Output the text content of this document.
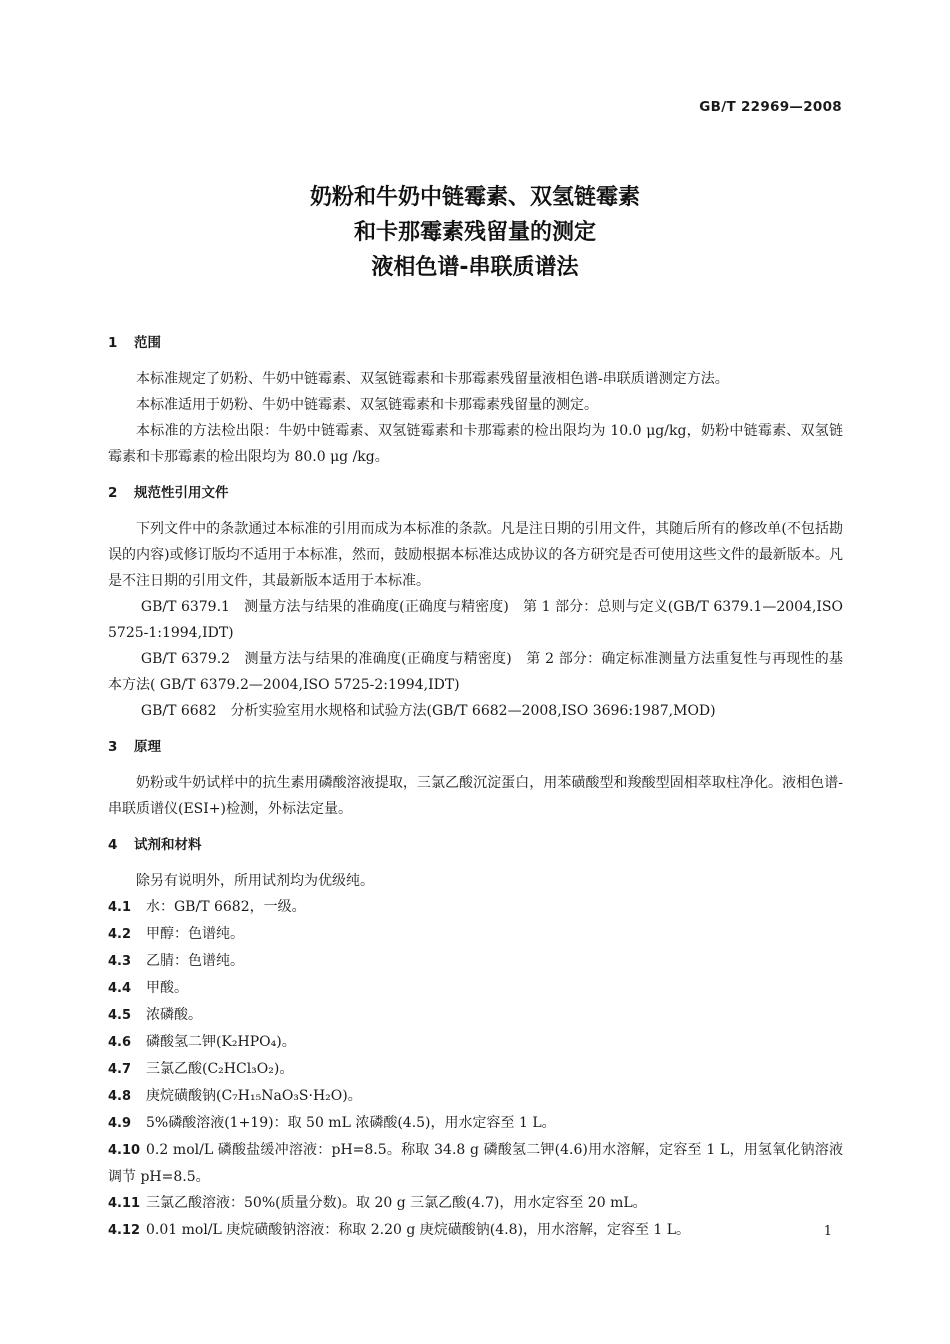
GB/T 22969—2008
奶粉和牛奶中链霉素、双氢链霉素
和卡那霉素残留量的测定
液相色谱-串联质谱法
1 范围

本标准规定了奶粉、牛奶中链霉素、双氢链霉素和卡那霉素残留量液相色谱-串联质谱测定方法。

本标准适用于奶粉、牛奶中链霉素、双氢链霉素和卡那霉素残留量的测定。

本标准的方法检出限：牛奶中链霉素、双氢链霉素和卡那霉素的检出限均为 10.0 μg/kg，奶粉中链霉素、双氢链霉素和卡那霉素的检出限均为 80.0 μg /kg。

2 规范性引用文件

下列文件中的条款通过本标准的引用而成为本标准的条款。凡是注日期的引用文件，其随后所有的修改单(不包括勘误的内容)或修订版均不适用于本标准，然而，鼓励根据本标准达成协议的各方研究是否可使用这些文件的最新版本。凡是不注日期的引用文件，其最新版本适用于本标准。

GB/T 6379.1　测量方法与结果的准确度(正确度与精密度)　第 1 部分：总则与定义(GB/T 6379.1—2004,ISO 5725-1:1994,IDT)

GB/T 6379.2　测量方法与结果的准确度(正确度与精密度)　第 2 部分：确定标准测量方法重复性与再现性的基本方法( GB/T 6379.2—2004,ISO 5725-2:1994,IDT)

GB/T 6682　分析实验室用水规格和试验方法(GB/T 6682—2008,ISO 3696:1987,MOD)

3 原理

奶粉或牛奶试样中的抗生素用磷酸溶液提取，三氯乙酸沉淀蛋白，用苯磺酸型和羧酸型固相萃取柱净化。液相色谱-串联质谱仪(ESI+)检测，外标法定量。

4 试剂和材料

除另有说明外，所用试剂均为优级纯。

4.1 水：GB/T 6682，一级。
4.2 甲醇：色谱纯。
4.3 乙腈：色谱纯。
4.4 甲酸。
4.5 浓磷酸。
4.6 磷酸氢二钾(K₂HPO₄)。
4.7 三氯乙酸(C₂HCl₃O₂)。
4.8 庚烷磺酸钠(C₇H₁₅NaO₃S·H₂O)。
4.9 5%磷酸溶液(1+19)：取 50 mL 浓磷酸(4.5)，用水定容至 1 L。
4.10 0.2 mol/L 磷酸盐缓冲溶液：pH=8.5。称取 34.8 g 磷酸氢二钾(4.6)用水溶解，定容至 1 L，用氢氧化钠溶液调节 pH=8.5。
4.11 三氯乙酸溶液：50%(质量分数)。取 20 g 三氯乙酸(4.7)，用水定容至 20 mL。
4.12 0.01 mol/L 庚烷磺酸钠溶液：称取 2.20 g 庚烷磺酸钠(4.8)，用水溶解，定容至 1 L。	1
